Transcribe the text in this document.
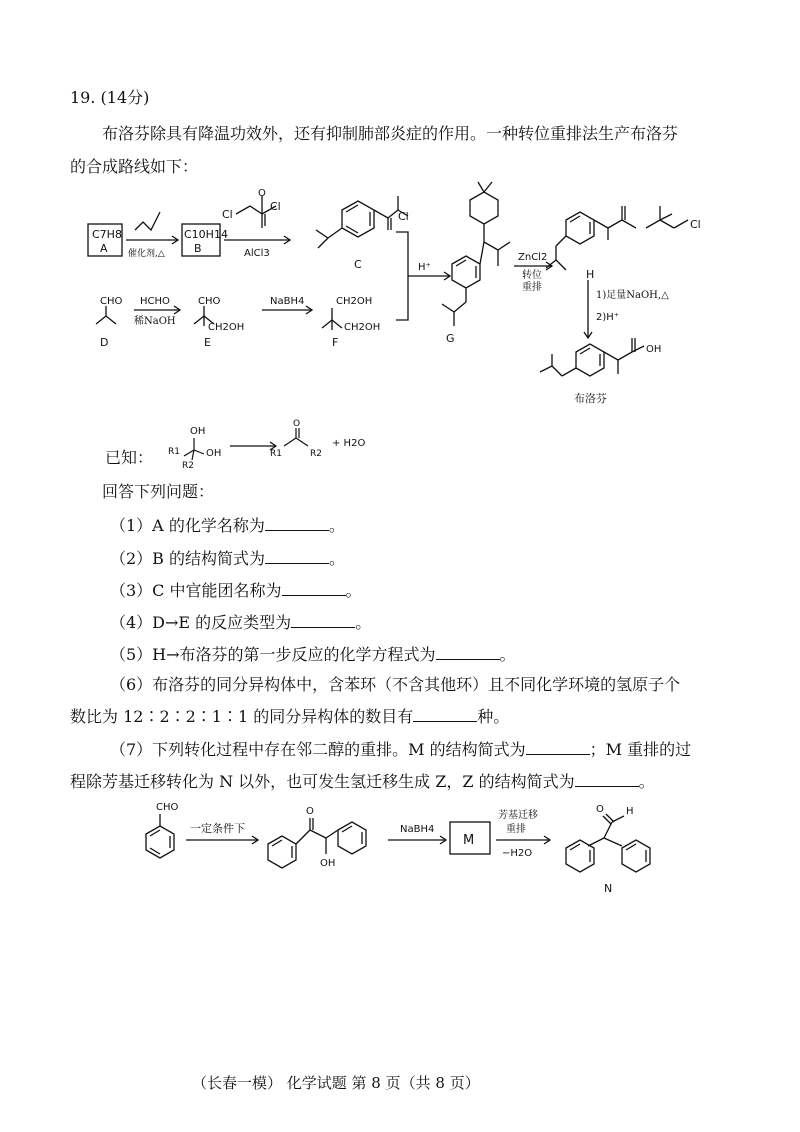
19. (14分)
布洛芬除具有降温功效外，还有抑制肺部炎症的作用。一种转位重排法生产布洛芬
的合成路线如下：
C7H8
A 催化剂,△
C10H14
B	AlCl3
Cl
Cl
O
Cl
C	H⁺
G
ZnCl2
转位
重排
Cl
H
1)足量NaOH,△
2)H⁺
OH
布洛芬
CHO
D
HCHO
稀NaOH
CHO
CH2OH
E
NaBH4	CH2OH
CH2OH
F
已知：
OH
OH
R1
R2
O
R1	R2
+ H2O
回答下列问题：
（1）A 的化学名称为	。
（2）B 的结构简式为	。
（3）C 中官能团名称为	。
（4）D→E 的反应类型为	。
（5）H→布洛芬的第一步反应的化学方程式为	。
（6）布洛芬的同分异构体中，含苯环（不含其他环）且不同化学环境的氢原子个
数比为 12∶2∶2∶1∶1 的同分异构体的数目有	种。
（7）下列转化过程中存在邻二醇的重排。M 的结构简式为	；M 重排的过
程除芳基迁移转化为 N 以外，也可发生氢迁移生成 Z，Z 的结构简式为	。
CHO
一定条件下
O
OH
NaBH4
M
芳基迁移
重排
−H2O
O H
N
（长春一模） 化学试题 第 8 页（共 8 页）
